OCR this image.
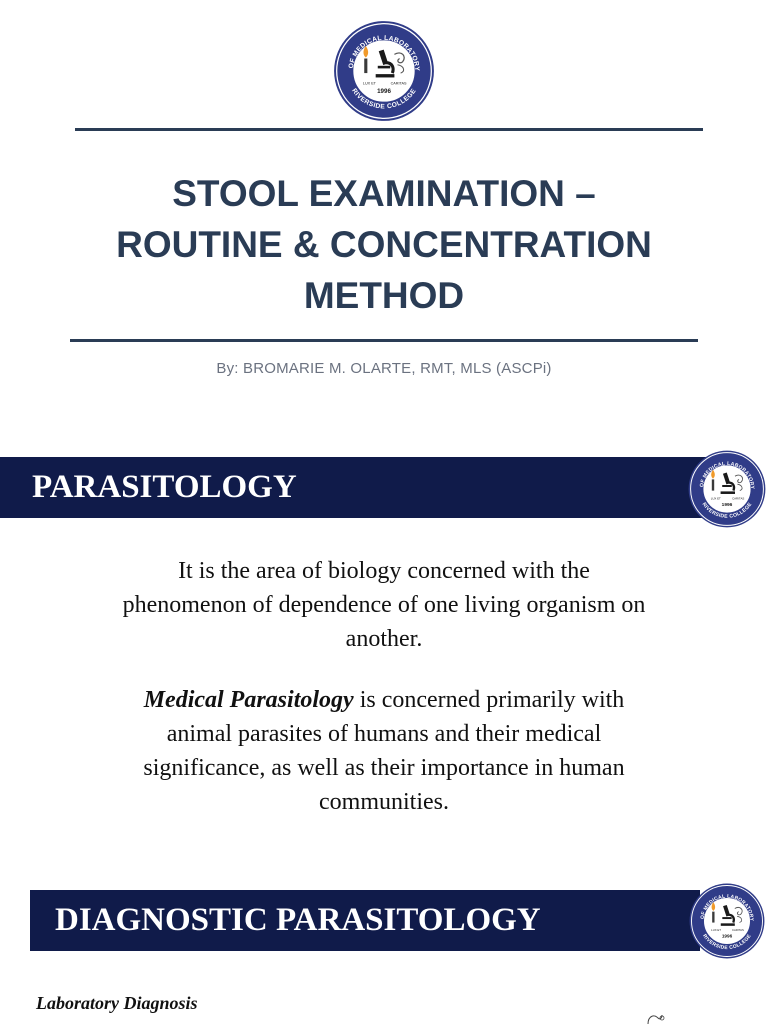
STOOL EXAMINATION –
ROUTINE & CONCENTRATION
METHOD
By: BROMARIE M. OLARTE, RMT, MLS (ASCPi)
PARASITOLOGY

It is the area of biology concerned with the
phenomenon of dependence of one living organism on
another.

Medical Parasitology is concerned primarily with
animal parasites of humans and their medical
significance, as well as their importance in human
communities.

DIAGNOSTIC PARASITOLOGY
Laboratory Diagnosis
